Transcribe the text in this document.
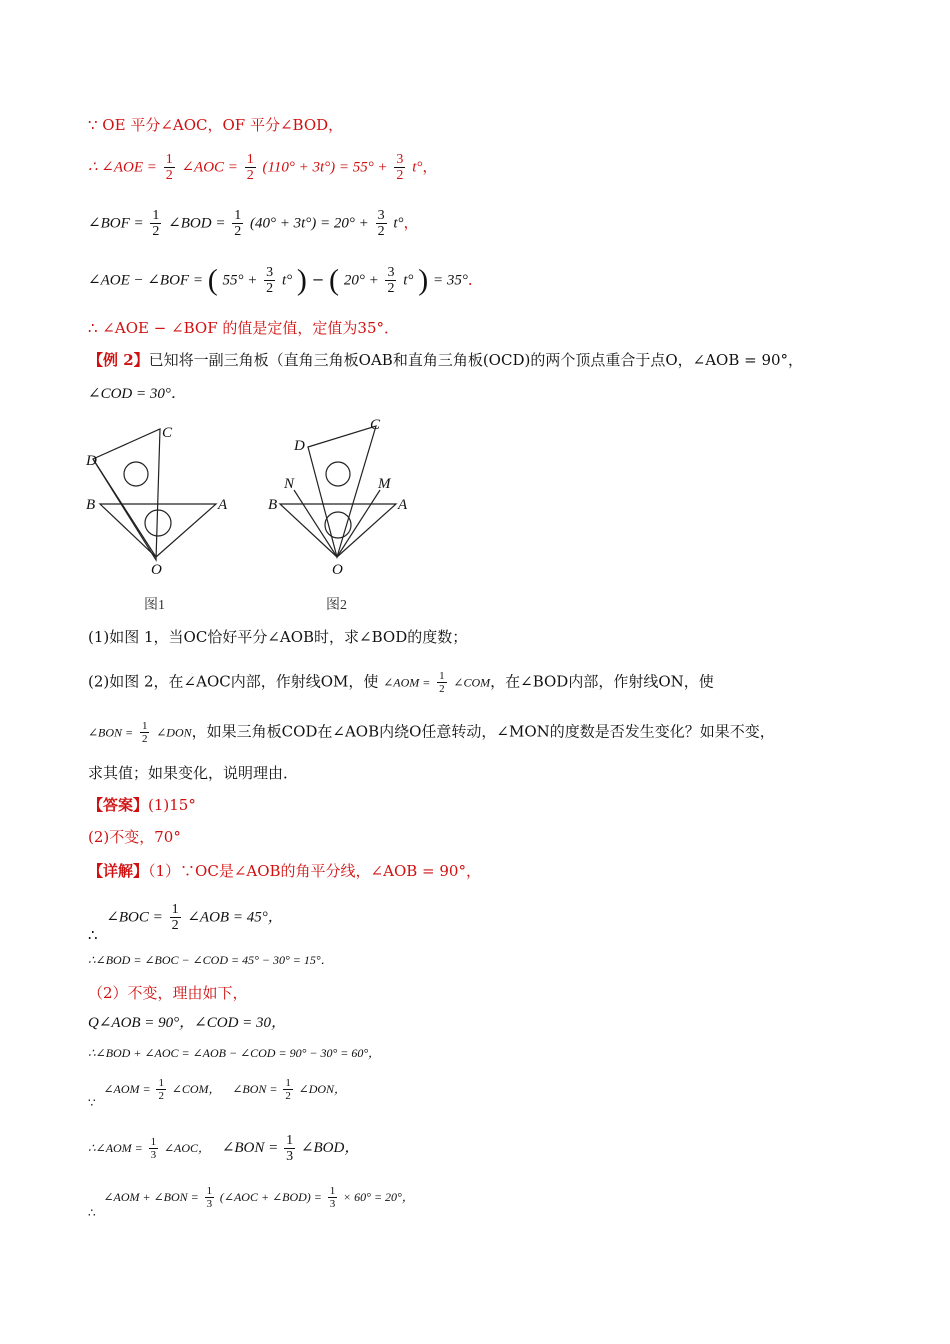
∵ OE 平分∠AOC，OF 平分∠BOD，
∴ ∠AOE = $\frac{1}{2}$ ∠AOC = $\frac{1}{2} (110^\circ + 3t^\circ) = 55^\circ + \frac{3}{2} t^\circ$，
∠BOF = $\frac{1}{2}$ ∠BOD = $\frac{1}{2} (40^\circ + 3t^\circ) = 20^\circ + \frac{3}{2} t^\circ$，
∠AOE − ∠BOF = ( $55^\circ + \frac{3}{2} t^\circ$ ) − ( $20^\circ + \frac{3}{2} t^\circ$ ) = 35°．
∴ ∠AOE − ∠BOF 的值是定值，定值为35°．
【例 2】已知将一副三角板（直角三角板OAB和直角三角板(OCD)的两个顶点重合于点O，∠AOB = 90°，
∠COD = 30°．
C
D
B	A
O
C
D
N	M
B	A
O
图1	图2
(1)如图 1，当OC恰好平分∠AOB时，求∠BOD的度数；
(2)如图 2，在∠AOC内部，作射线OM，使 ∠AOM = $\frac{1}{2}$ ∠COM，在∠BOD内部，作射线ON，使
∠BON = $\frac{1}{2}$ ∠DON，如果三角板COD在∠AOB内绕O任意转动，∠MON的度数是否发生变化？如果不变，
求其值；如果变化，说明理由．
【答案】(1)15°
(2)不变，70°
【详解】（1）∵OC是∠AOB的角平分线，∠AOB = 90°，
∴ ∠BOC = $\frac{1}{2}$ ∠AOB = 45°，
∴∠BOD = ∠BOC − ∠COD = 45° − 30° = 15°．
（2）不变，理由如下，
Q∠AOB = 90°，∠COD = 30，
∴∠BOD + ∠AOC = ∠AOB − ∠COD = 90° − 30° = 60°，
∵ ∠AOM = $\frac{1}{2}$ ∠COM， ∠BON = $\frac{1}{2}$ ∠DON，
∴∠AOM = $\frac{1}{3}$ ∠AOC， ∠BON = $\frac{1}{3}$ ∠BOD，
∴ ∠AOM + ∠BON = $\frac{1}{3}$ (∠AOC + ∠BOD) = $\frac{1}{3} \times 60^\circ = 20^\circ$，
